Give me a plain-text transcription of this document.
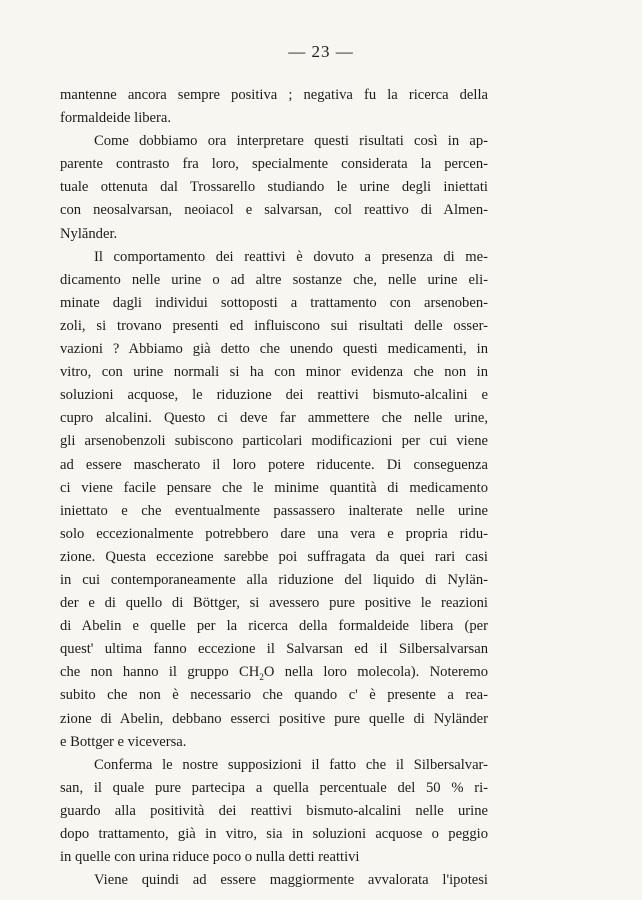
— 23 —
mantenne ancora sempre positiva ; negativa fu la ricerca della
formaldeide libera.
Come dobbiamo ora interpretare questi risultati così in ap-
parente contrasto fra loro, specialmente considerata la percen-
tuale ottenuta dal Trossarello studiando le urine degli iniettati
con neosalvarsan, neoiacol e salvarsan, col reattivo di Almen-
Nylănder.
Il comportamento dei reattivi è dovuto a presenza di me-
dicamento nelle urine o ad altre sostanze che, nelle urine eli-
minate dagli individui sottoposti a trattamento con arsenoben-
zoli, si trovano presenti ed influiscono sui risultati delle osser-
vazioni ? Abbiamo già detto che unendo questi medicamenti, in
vitro, con urine normali si ha con minor evidenza che non in
soluzioni acquose, le riduzione dei reattivi bismuto-alcalini e
cupro alcalini. Questo ci deve far ammettere che nelle urine,
gli arsenobenzoli subiscono particolari modificazioni per cui viene
ad essere mascherato il loro potere riducente. Di conseguenza
ci viene facile pensare che le minime quantità di medicamento
iniettato e che eventualmente passassero inalterate nelle urine
solo eccezionalmente potrebbero dare una vera e propria ridu-
zione. Questa eccezione sarebbe poi suffragata da quei rari casi
in cui contemporaneamente alla riduzione del liquido di Nylän-
der e di quello di Böttger, si avessero pure positive le reazioni
di Abelin e quelle per la ricerca della formaldeide libera (per
quest' ultima fanno eccezione il Salvarsan ed il Silbersalvarsan
che non hanno il gruppo $CH_2O$ nella loro molecola). Noteremo
subito che non è necessario che quando c' è presente a rea-
zione di Abelin, debbano esserci positive pure quelle di Nyländer
e Bottger e viceversa.
Conferma le nostre supposizioni il fatto che il Silbersalvar-
san, il quale pure partecipa a quella percentuale del 50 % ri-
guardo alla positività dei reattivi bismuto-alcalini nelle urine
dopo trattamento, già in vitro, sia in soluzioni acquose o peggio
in quelle con urina riduce poco o nulla detti reattivi
Viene quindi ad essere maggiormente avvalorata l'ipotesi
